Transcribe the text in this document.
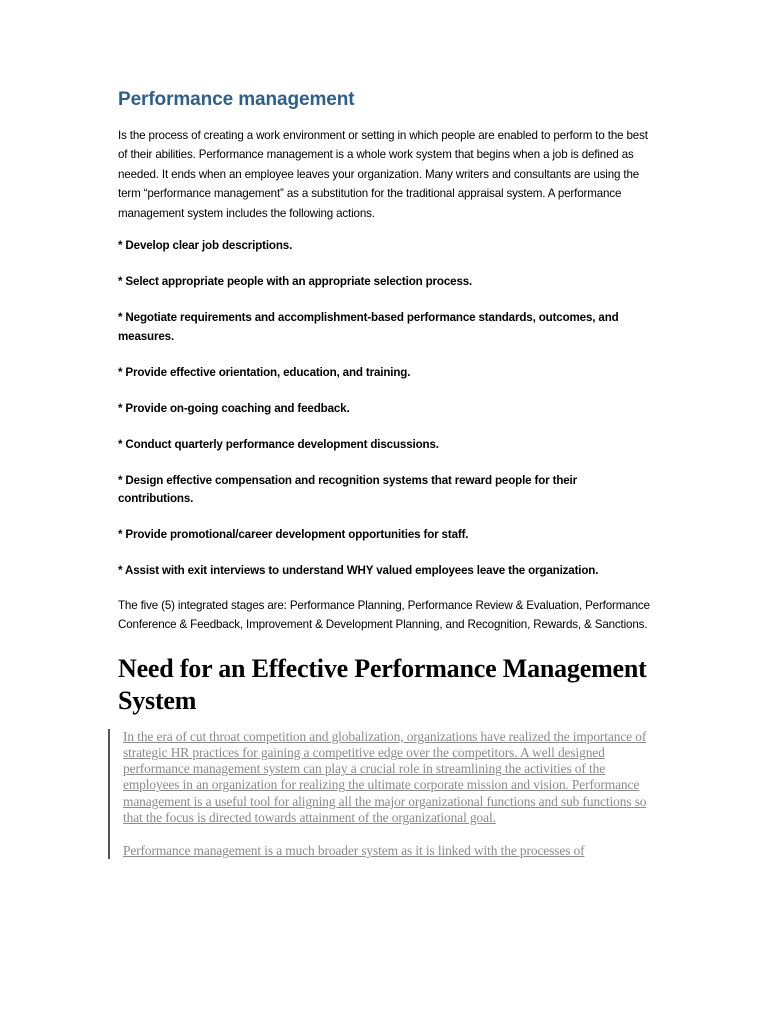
Performance management

Is the process of creating a work environment or setting in which people are enabled to perform to the best of their abilities. Performance management is a whole work system that begins when a job is defined as needed. It ends when an employee leaves your organization. Many writers and consultants are using the term “performance management” as a substitution for the traditional appraisal system. A performance management system includes the following actions.

* Develop clear job descriptions.

* Select appropriate people with an appropriate selection process.

* Negotiate requirements and accomplishment-based performance standards, outcomes, and measures.

* Provide effective orientation, education, and training.

* Provide on-going coaching and feedback.

* Conduct quarterly performance development discussions.

* Design effective compensation and recognition systems that reward people for their contributions.

* Provide promotional/career development opportunities for staff.

* Assist with exit interviews to understand WHY valued employees leave the organization.

The five (5) integrated stages are: Performance Planning, Performance Review & Evaluation, Performance Conference & Feedback, Improvement & Development Planning, and Recognition, Rewards, & Sanctions.

Need for an Effective Performance Management System

In the era of cut throat competition and globalization, organizations have realized the importance of strategic HR practices for gaining a competitive edge over the competitors. A well designed performance management system can play a crucial role in streamlining the activities of the employees in an organization for realizing the ultimate corporate mission and vision. Performance management is a useful tool for aligning all the major organizational functions and sub functions so that the focus is directed towards attainment of the organizational goal.

Performance management is a much broader system as it is linked with the processes of
